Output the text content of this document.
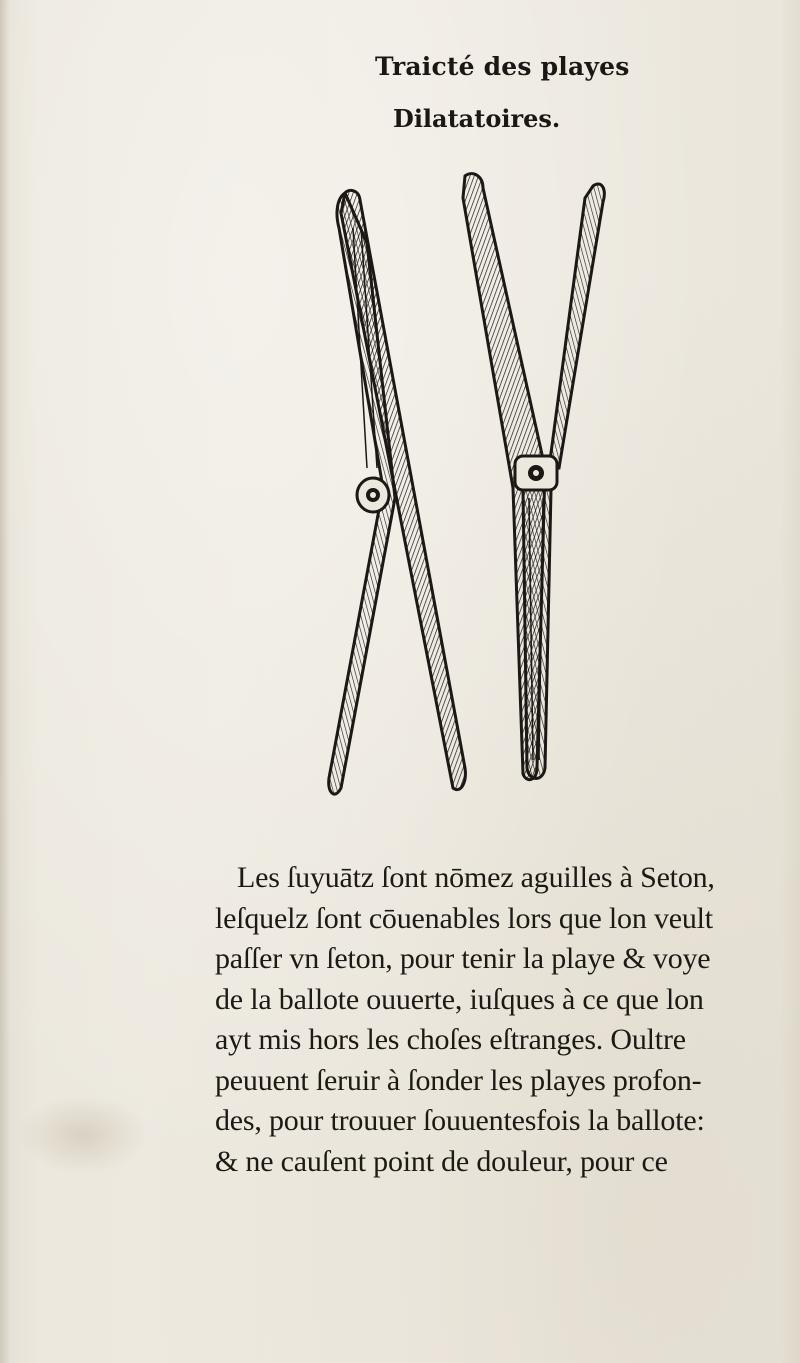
Traicté des playes
Dilatatoires.
Les ſuyuātz ſont nōmez aguilles à Seton,
leſquelz ſont cōuenables lors que lon veult
paſſer vn ſeton, pour tenir la playe & voye
de la ballote ouuerte, iuſques à ce que lon
ayt mis hors les choſes eſtranges. Oultre
peuuent ſeruir à ſonder les playes profon-
des, pour trouuer ſouuentesfois la ballote:
& ne cauſent point de douleur, pour ce
